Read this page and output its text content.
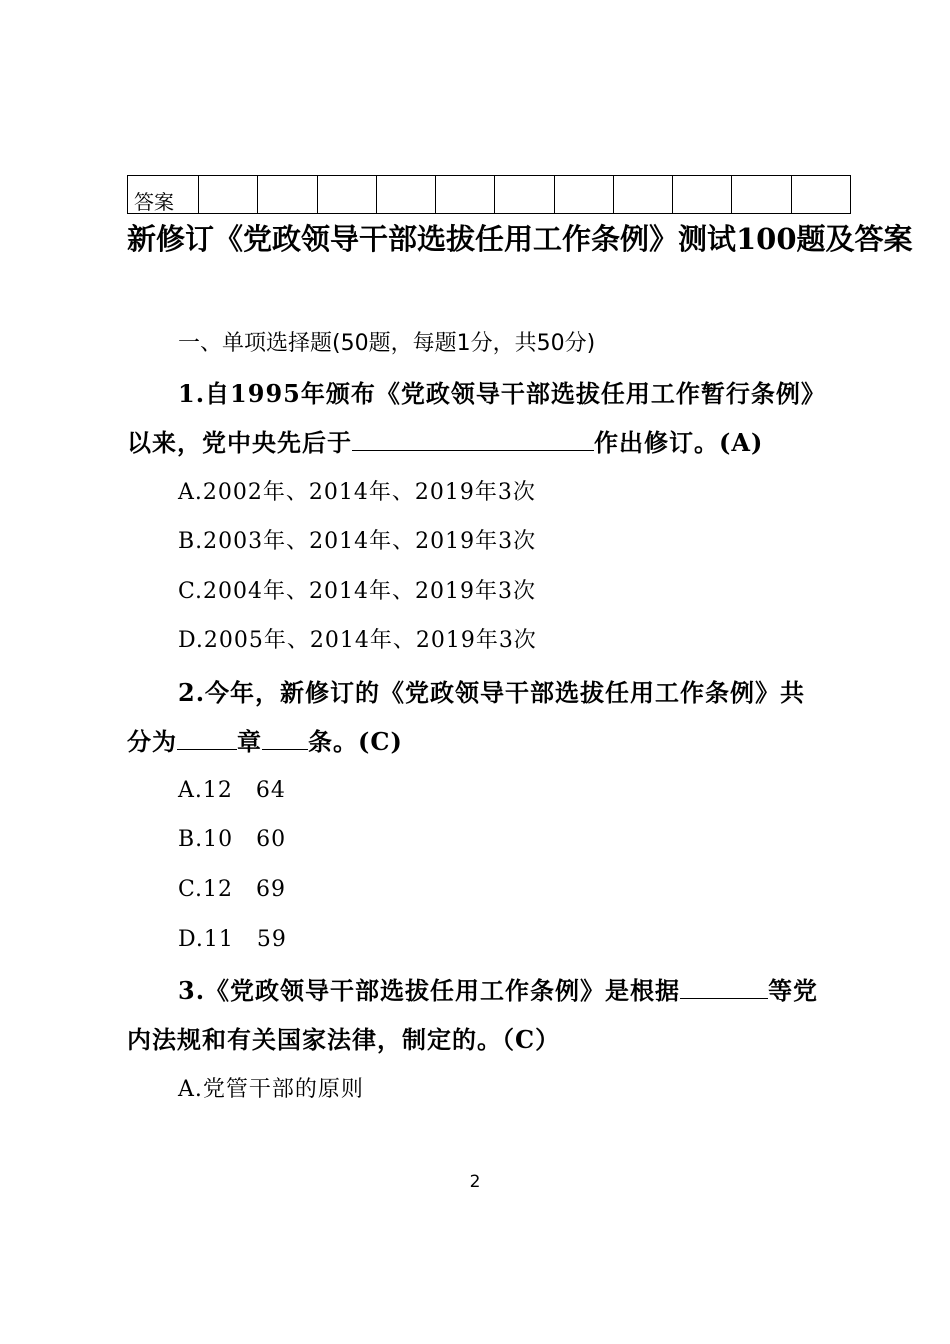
答案											
新修订《党政领导干部选拔任用工作条例》测试100题及答案

一、单项选择题(50题，每题1分，共50分)

1.自1995年颁布《党政领导干部选拔任用工作暂行条例》

以来，党中央先后于	作出修订。(A)

A.2002年、2014年、2019年3次

B.2003年、2014年、2019年3次

C.2004年、2014年、2019年3次

D.2005年、2014年、2019年3次

2.今年，新修订的《党政领导干部选拔任用工作条例》共

分为	章 条。(C)

A.12　64

B.10　60

C.12　69

D.11　59

3.《党政领导干部选拔任用工作条例》是根据	等党

内法规和有关国家法律，制定的。（C）

A.党管干部的原则

2
